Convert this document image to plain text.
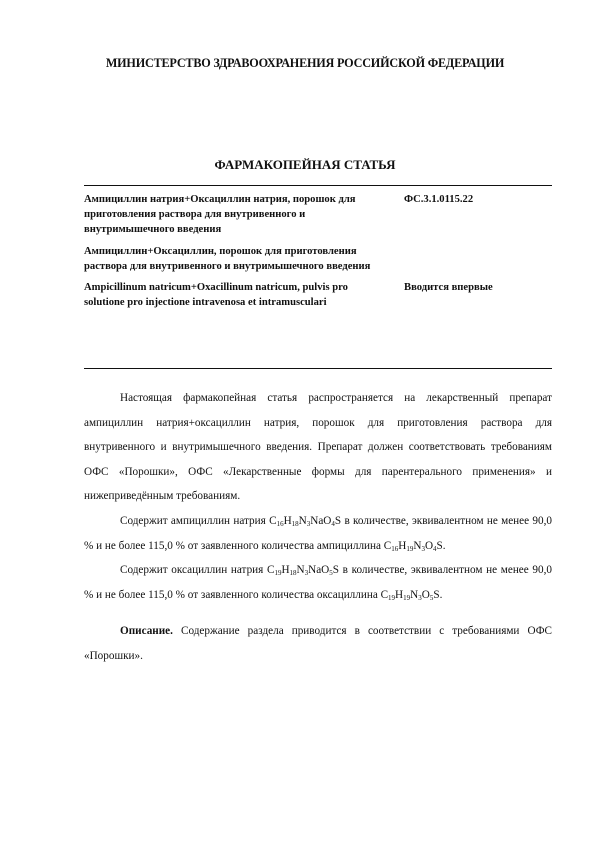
МИНИСТЕРСТВО ЗДРАВООХРАНЕНИЯ РОССИЙСКОЙ ФЕДЕРАЦИИ
ФАРМАКОПЕЙНАЯ СТАТЬЯ
Ампициллин натрия+Оксациллин натрия, порошок для приготовления раствора для внутривенного и внутримышечного введения
ФС.3.1.0115.22
Ампициллин+Оксациллин, порошок для приготовления раствора для внутривенного и внутримышечного введения
Ampicillinum natricum+Oxacillinum natricum, pulvis pro solutione pro injectione intravenosa et intramusculari
Вводится впервые

Настоящая фармакопейная статья распространяется на лекарственный препарат ампициллин натрия+оксациллин натрия, порошок для приготовления раствора для внутривенного и внутримышечного введения. Препарат должен соответствовать требованиям ОФС «Порошки», ОФС «Лекарственные формы для парентерального применения» и нижеприведённым требованиям.

Содержит ампициллин натрия $C_{16}H_{18}N_3NaO_4S$ в количестве, эквивалентном не менее 90,0 % и не более 115,0 % от заявленного количества ампициллина $C_{16}H_{19}N_3O_4S$.

Содержит оксациллин натрия $C_{19}H_{18}N_3NaO_5S$ в количестве, эквивалентном не менее 90,0 % и не более 115,0 % от заявленного количества оксациллина $C_{19}H_{19}N_3O_5S$.

Описание. Содержание раздела приводится в соответствии с требованиями ОФС «Порошки».
